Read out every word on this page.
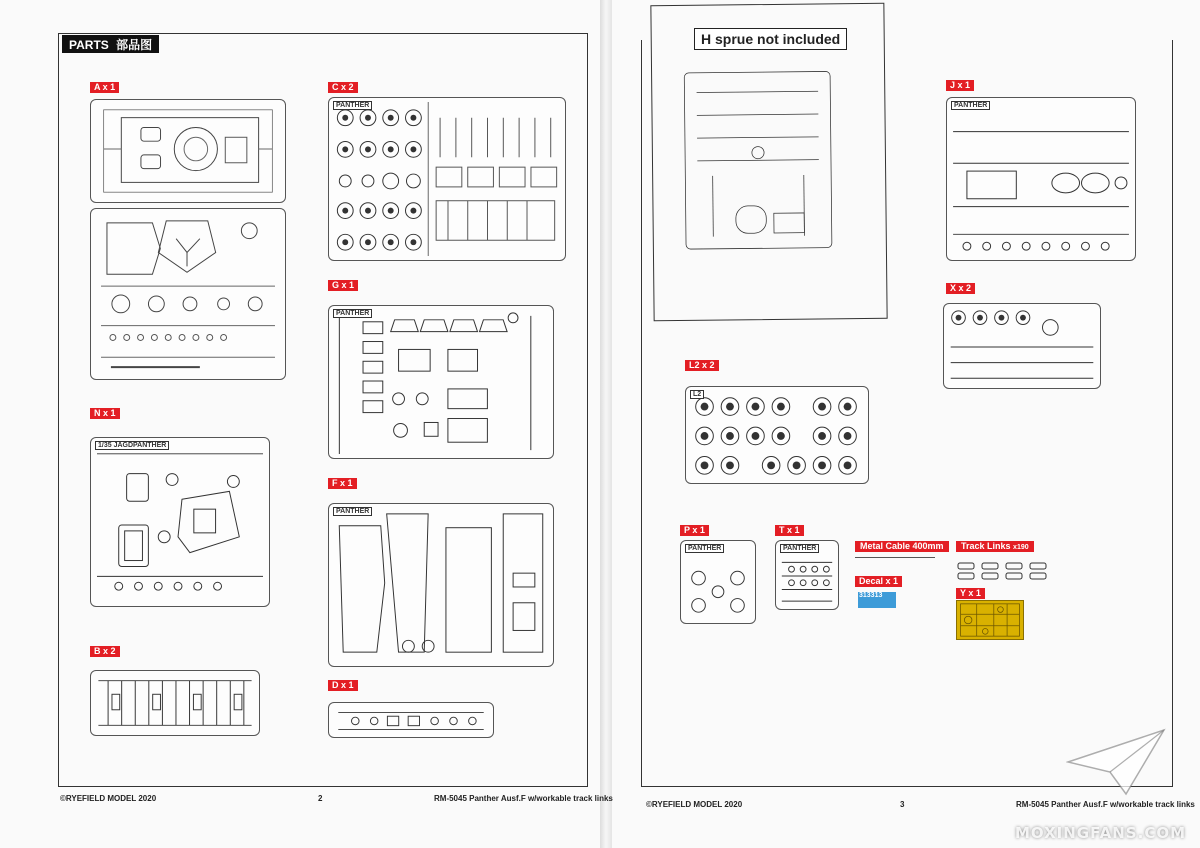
PARTS 部品图
A x 1	C x 2
PANTHER
G x 1
PANTHER
N x 1
1/35 JAGDPANTHER
F x 1
PANTHER
B x 2
D x 1
©RYEFIELD MODEL 2020	2	RM-5045 Panther Ausf.F w/workable track links
H sprue not included
J x 1
PANTHER
X x 2
L2 x 2
L2
P x 1
PANTHER
T x 1
PANTHER	Metal Cable 400mm
Decal x 1
313313
Track Links x190
Y x 1
©RYEFIELD MODEL 2020	3	RM-5045 Panther Ausf.F w/workable track links
MOXINGFANS.COM
